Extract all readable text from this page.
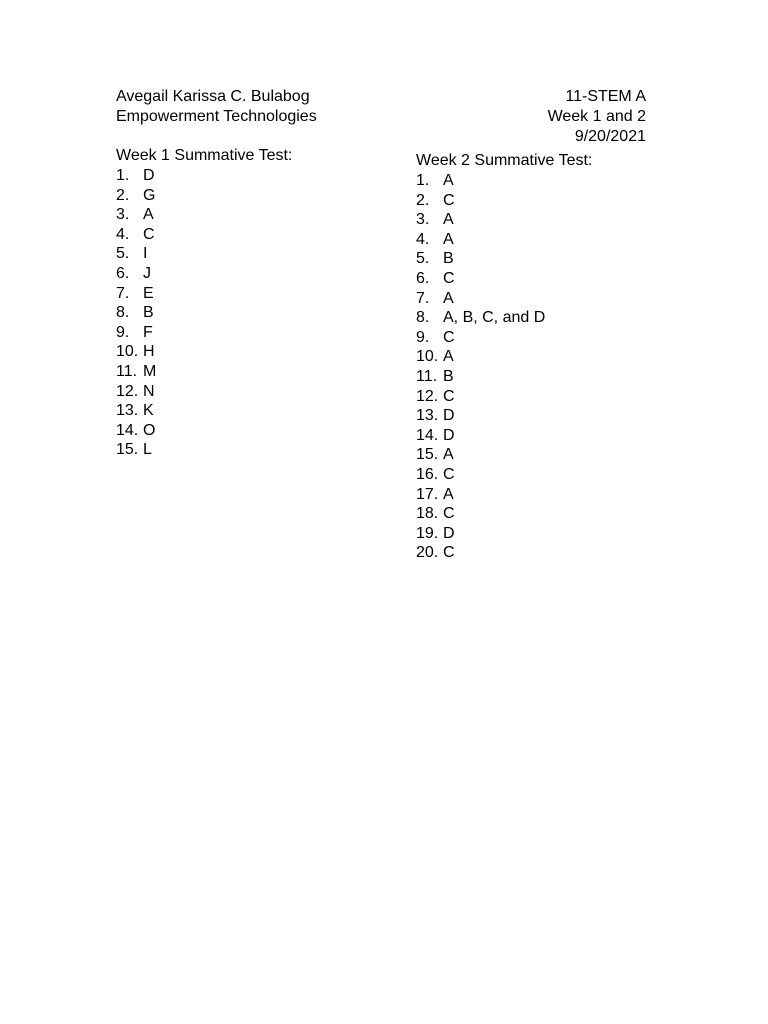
Avegail Karissa C. Bulabog
Empowerment Technologies
11-STEM A
Week 1 and 2
9/20/2021
Week 1 Summative Test:
1. D
2. G
3. A
4. C
5. I
6. J
7. E
8. B
9. F
10. H
11. M
12. N
13. K
14. O
15. L
Week 2 Summative Test:
1. A
2. C
3. A
4. A
5. B
6. C
7. A
8. A, B, C, and D
9. C
10. A
11. B
12. C
13. D
14. D
15. A
16. C
17. A
18. C
19. D
20. C
